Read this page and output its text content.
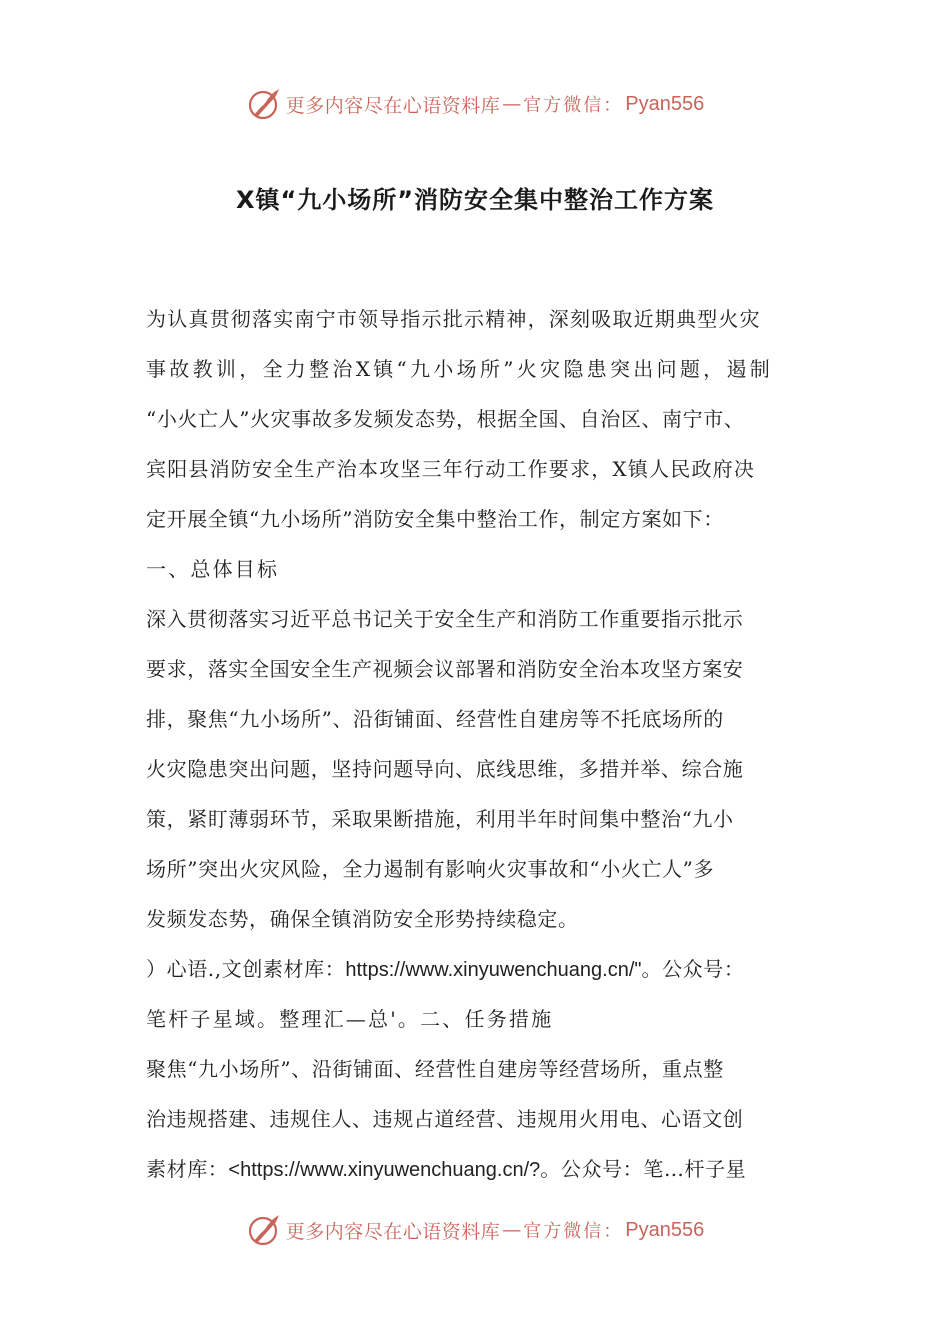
更多内容尽在心语资料库 — 官方微信： Pyan556
X镇“九小场所”消防安全集中整治工作方案
为认真贯彻落实南宁市领导指示批示精神，深刻吸取近期典型火灾
事故教训，全力整治X镇“九小场所”火灾隐患突出问题，遏制
“小火亡人”火灾事故多发频发态势，根据全国、自治区、南宁市、
宾阳县消防安全生产治本攻坚三年行动工作要求，X镇人民政府决
定开展全镇“九小场所”消防安全集中整治工作，制定方案如下：
一、总体目标
深入贯彻落实习近平总书记关于安全生产和消防工作重要指示批示
要求，落实全国安全生产视频会议部署和消防安全治本攻坚方案安
排，聚焦“九小场所”、沿街铺面、经营性自建房等不托底场所的
火灾隐患突出问题，坚持问题导向、底线思维，多措并举、综合施
策，紧盯薄弱环节，采取果断措施，利用半年时间集中整治“九小
场所”突出火灾风险，全力遏制有影响火灾事故和“小火亡人”多
发频发态势，确保全镇消防安全形势持续稳定。
）心语.,文创素材库：https://www.xinyuwenchuang.cn/"。公众号：
笔杆子星域。整理汇—总'。二、任务措施
聚焦“九小场所”、沿街铺面、经营性自建房等经营场所，重点整
治违规搭建、违规住人、违规占道经营、违规用火用电、心语文创
素材库：<https://www.xinyuwenchuang.cn/?。公众号：笔…杆子星
更多内容尽在心语资料库 — 官方微信： Pyan556
